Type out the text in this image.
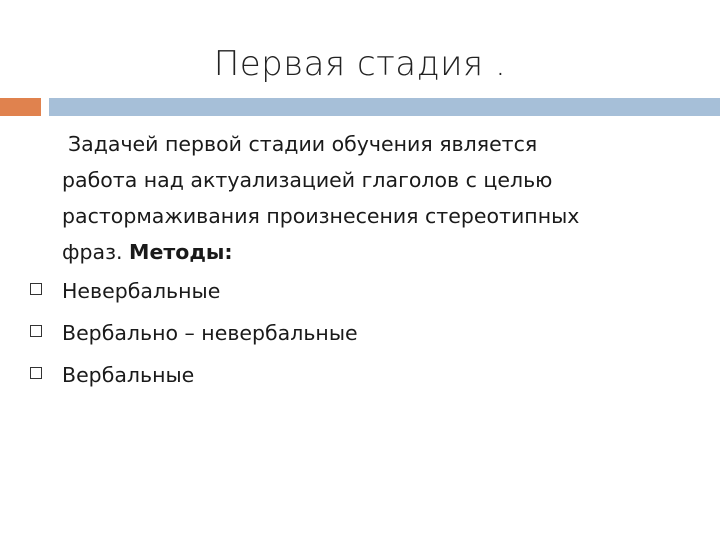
Первая стадия .

Задачей первой стадии обучения является
работа над актуализацией глаголов с целью
растормаживания произнесения стереотипных
фраз. Методы:

Невербальные
Вербально – невербальные
Вербальные
